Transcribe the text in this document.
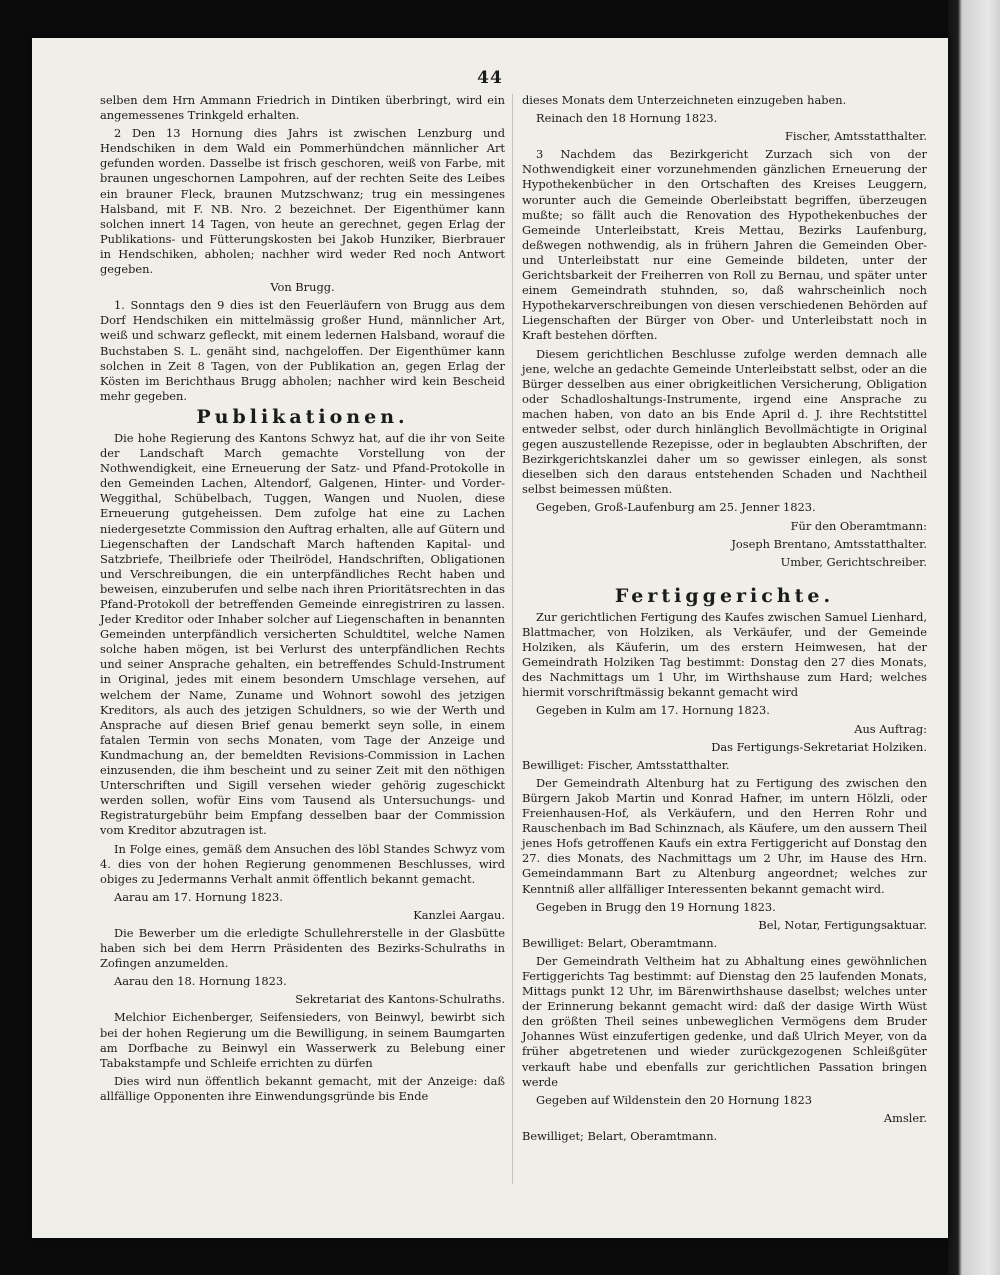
44

selben dem Hrn Ammann Friedrich in Dintiken überbringt, wird ein angemessenes Trinkgeld erhalten.

2 Den 13 Hornung dies Jahrs ist zwischen Lenzburg und Hendschiken in dem Wald ein Pommerhündchen männlicher Art gefunden worden. Dasselbe ist frisch geschoren, weiß von Farbe, mit braunen ungeschornen Lampohren, auf der rechten Seite des Leibes ein brauner Fleck, braunen Mutzschwanz; trug ein messingenes Halsband, mit F. NB. Nro. 2 bezeichnet. Der Eigenthümer kann solchen innert 14 Tagen, von heute an gerechnet, gegen Erlag der Publikations- und Fütterungskosten bei Jakob Hunziker, Bierbrauer in Hendschiken, abholen; nachher wird weder Red noch Antwort gegeben.

Von Brugg.

1. Sonntags den 9 dies ist den Feuerläufern von Brugg aus dem Dorf Hendschiken ein mittelmässig großer Hund, männlicher Art, weiß und schwarz gefleckt, mit einem ledernen Halsband, worauf die Buchstaben S. L. genäht sind, nachgeloffen. Der Eigenthümer kann solchen in Zeit 8 Tagen, von der Publikation an, gegen Erlag der Kösten im Berichthaus Brugg abholen; nachher wird kein Bescheid mehr gegeben.

Publikationen.

Die hohe Regierung des Kantons Schwyz hat, auf die ihr von Seite der Landschaft March gemachte Vorstellung von der Nothwendigkeit, eine Erneuerung der Satz- und Pfand-Protokolle in den Gemeinden Lachen, Altendorf, Galgenen, Hinter- und Vorder-Weggithal, Schübelbach, Tuggen, Wangen und Nuolen, diese Erneuerung gutgeheissen. Dem zufolge hat eine zu Lachen niedergesetzte Commission den Auftrag erhalten, alle auf Gütern und Liegenschaften der Landschaft March haftenden Kapital- und Satzbriefe, Theilbriefe oder Theilrödel, Handschriften, Obligationen und Verschreibungen, die ein unterpfändliches Recht haben und beweisen, einzuberufen und selbe nach ihren Prioritätsrechten in das Pfand-Protokoll der betreffenden Gemeinde einregistriren zu lassen. Jeder Kreditor oder Inhaber solcher auf Liegenschaften in benannten Gemeinden unterpfändlich versicherten Schuldtitel, welche Namen solche haben mögen, ist bei Verlurst des unterpfändlichen Rechts und seiner Ansprache gehalten, ein betreffendes Schuld-Instrument in Original, jedes mit einem besondern Umschlage versehen, auf welchem der Name, Zuname und Wohnort sowohl des jetzigen Kreditors, als auch des jetzigen Schuldners, so wie der Werth und Ansprache auf diesen Brief genau bemerkt seyn solle, in einem fatalen Termin von sechs Monaten, vom Tage der Anzeige und Kundmachung an, der bemeldten Revisions-Commission in Lachen einzusenden, die ihm bescheint und zu seiner Zeit mit den nöthigen Unterschriften und Sigill versehen wieder gehörig zugeschickt werden sollen, wofür Eins vom Tausend als Untersuchungs- und Registraturgebühr beim Empfang desselben baar der Commission vom Kreditor abzutragen ist.

In Folge eines, gemäß dem Ansuchen des löbl Standes Schwyz vom 4. dies von der hohen Regierung genommenen Beschlusses, wird obiges zu Jedermanns Verhalt anmit öffentlich bekannt gemacht.

Aarau am 17. Hornung 1823.

Kanzlei Aargau.

Die Bewerber um die erledigte Schullehrerstelle in der Glasbütte haben sich bei dem Herrn Präsidenten des Bezirks-Schulraths in Zofingen anzumelden.

Aarau den 18. Hornung 1823.

Sekretariat des Kantons-Schulraths.

Melchior Eichenberger, Seifensieders, von Beinwyl, bewirbt sich bei der hohen Regierung um die Bewilligung, in seinem Baumgarten am Dorfbache zu Beinwyl ein Wasserwerk zu Belebung einer Tabakstampfe und Schleife errichten zu dürfen

Dies wird nun öffentlich bekannt gemacht, mit der Anzeige: daß allfällige Opponenten ihre Einwendungsgründe bis Ende

dieses Monats dem Unterzeichneten einzugeben haben.

Reinach den 18 Hornung 1823.

Fischer, Amtsstatthalter.

3 Nachdem das Bezirkgericht Zurzach sich von der Nothwendigkeit einer vorzunehmenden gänzlichen Erneuerung der Hypothekenbücher in den Ortschaften des Kreises Leuggern, worunter auch die Gemeinde Oberleibstatt begriffen, überzeugen mußte; so fällt auch die Renovation des Hypothekenbuches der Gemeinde Unterleibstatt, Kreis Mettau, Bezirks Laufenburg, deßwegen nothwendig, als in frühern Jahren die Gemeinden Ober- und Unterleibstatt nur eine Gemeinde bildeten, unter der Gerichtsbarkeit der Freiherren von Roll zu Bernau, und später unter einem Gemeindrath stuhnden, so, daß wahrscheinlich noch Hypothekarverschreibungen von diesen verschiedenen Behörden auf Liegenschaften der Bürger von Ober- und Unterleibstatt noch in Kraft bestehen dörften.

Diesem gerichtlichen Beschlusse zufolge werden demnach alle jene, welche an gedachte Gemeinde Unterleibstatt selbst, oder an die Bürger desselben aus einer obrigkeitlichen Versicherung, Obligation oder Schadloshaltungs-Instrumente, irgend eine Ansprache zu machen haben, von dato an bis Ende April d. J. ihre Rechtstittel entweder selbst, oder durch hinlänglich Bevollmächtigte in Original gegen auszustellende Rezepisse, oder in beglaubten Abschriften, der Bezirkgerichtskanzlei daher um so gewisser einlegen, als sonst dieselben sich den daraus entstehenden Schaden und Nachtheil selbst beimessen müßten.

Gegeben, Groß-Laufenburg am 25. Jenner 1823.

Für den Oberamtmann:

Joseph Brentano, Amtsstatthalter.

Umber, Gerichtschreiber.

Fertiggerichte.

Zur gerichtlichen Fertigung des Kaufes zwischen Samuel Lienhard, Blattmacher, von Holziken, als Verkäufer, und der Gemeinde Holziken, als Käuferin, um des erstern Heimwesen, hat der Gemeindrath Holziken Tag bestimmt: Donstag den 27 dies Monats, des Nachmittags um 1 Uhr, im Wirthshause zum Hard; welches hiermit vorschriftmässig bekannt gemacht wird

Gegeben in Kulm am 17. Hornung 1823.

Aus Auftrag:

Das Fertigungs-Sekretariat Holziken.

Bewilliget: Fischer, Amtsstatthalter.

Der Gemeindrath Altenburg hat zu Fertigung des zwischen den Bürgern Jakob Martin und Konrad Hafner, im untern Hölzli, oder Freienhausen-Hof, als Verkäufern, und den Herren Rohr und Rauschenbach im Bad Schinznach, als Käufere, um den aussern Theil jenes Hofs getroffenen Kaufs ein extra Fertiggericht auf Donstag den 27. dies Monats, des Nachmittags um 2 Uhr, im Hause des Hrn. Gemeindammann Bart zu Altenburg angeordnet; welches zur Kenntniß aller allfälliger Interessenten bekannt gemacht wird.

Gegeben in Brugg den 19 Hornung 1823.

Bel, Notar, Fertigungsaktuar.

Bewilliget: Belart, Oberamtmann.

Der Gemeindrath Veltheim hat zu Abhaltung eines gewöhnlichen Fertiggerichts Tag bestimmt: auf Dienstag den 25 laufenden Monats, Mittags punkt 12 Uhr, im Bärenwirthshause daselbst; welches unter der Erinnerung bekannt gemacht wird: daß der dasige Wirth Wüst den größten Theil seines unbeweglichen Vermögens dem Bruder Johannes Wüst einzufertigen gedenke, und daß Ulrich Meyer, von da früher abgetretenen und wieder zurückgezogenen Schleißgüter verkauft habe und ebenfalls zur gerichtlichen Passation bringen werde

Gegeben auf Wildenstein den 20 Hornung 1823

Amsler.

Bewilliget; Belart, Oberamtmann.
